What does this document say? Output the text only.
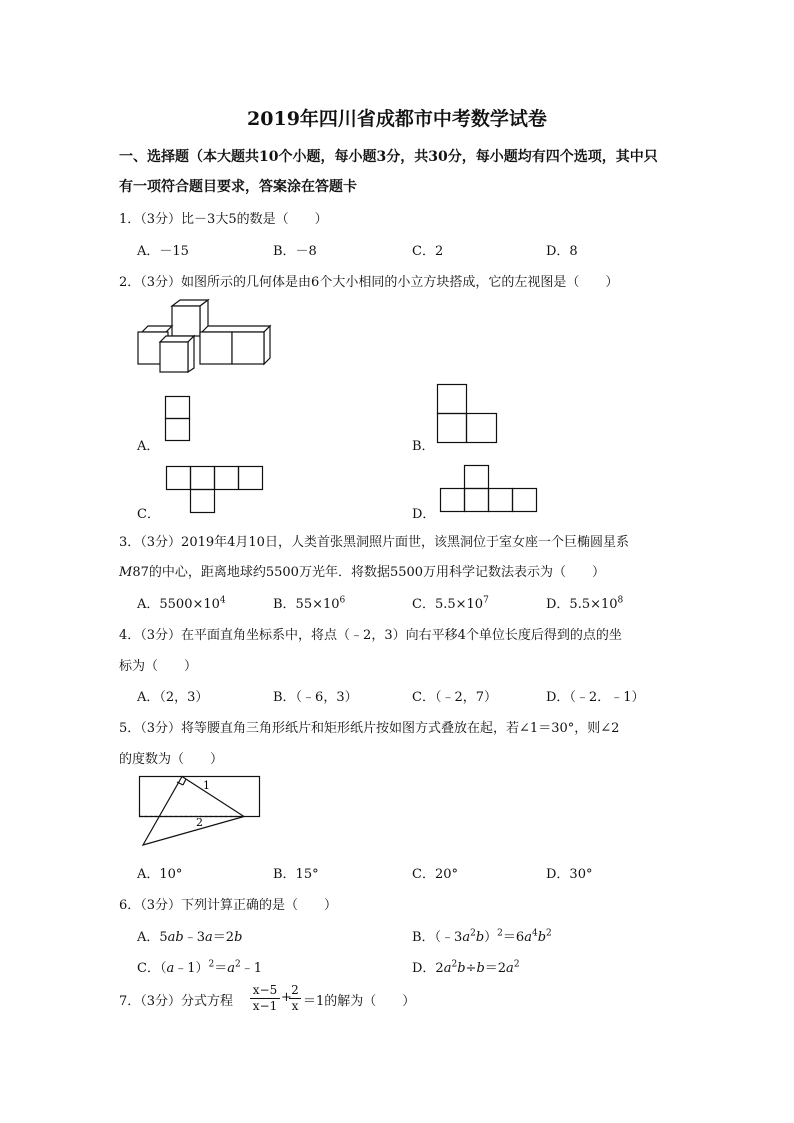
2019年四川省成都市中考数学试卷
一、选择题（本大题共10个小题，每小题3分，共30分，每小题均有四个选项，其中只
有一项符合题目要求，答案涂在答题卡
1．（3分）比－3大5的数是（　　）
A．－15	B．－8	C．2	D．8
2．（3分）如图所示的几何体是由6个大小相同的小立方块搭成，它的左视图是（　　）
A．	B．
C．	D．
3．（3分）2019年4月10日，人类首张黑洞照片面世，该黑洞位于室女座一个巨椭圆星系
M87的中心，距离地球约5500万光年．将数据5500万用科学记数法表示为（　　）
A．$5500\times 10^4$	B．$55\times 10^6$	C．$5.5\times 10^7$	D．$5.5\times 10^8$
4．（3分）在平面直角坐标系中，将点（﹣2，3）向右平移4个单位长度后得到的点的坐
标为（　　）
A．（2，3）	B．（﹣6，3）	C．（﹣2，7）	D．（﹣2．﹣1）
5．（3分）将等腰直角三角形纸片和矩形纸片按如图方式叠放在起，若∠1＝30°，则∠2
的度数为（　　）
1
2
A．10°	B．15°	C．20°	D．30°
6．（3分）下列计算正确的是（　　）
A．5ab﹣3a＝2b	B．$(﹣3a^2b)^2=6a^4b^2$
C．$(a﹣1)^2=a^2﹣1$	D．$2a^2b\div b=2a^2$
7．（3分）分式方程 $\frac{x-5}{x-1}$ +
$\frac{2}{x} =1$的解为（　　）
